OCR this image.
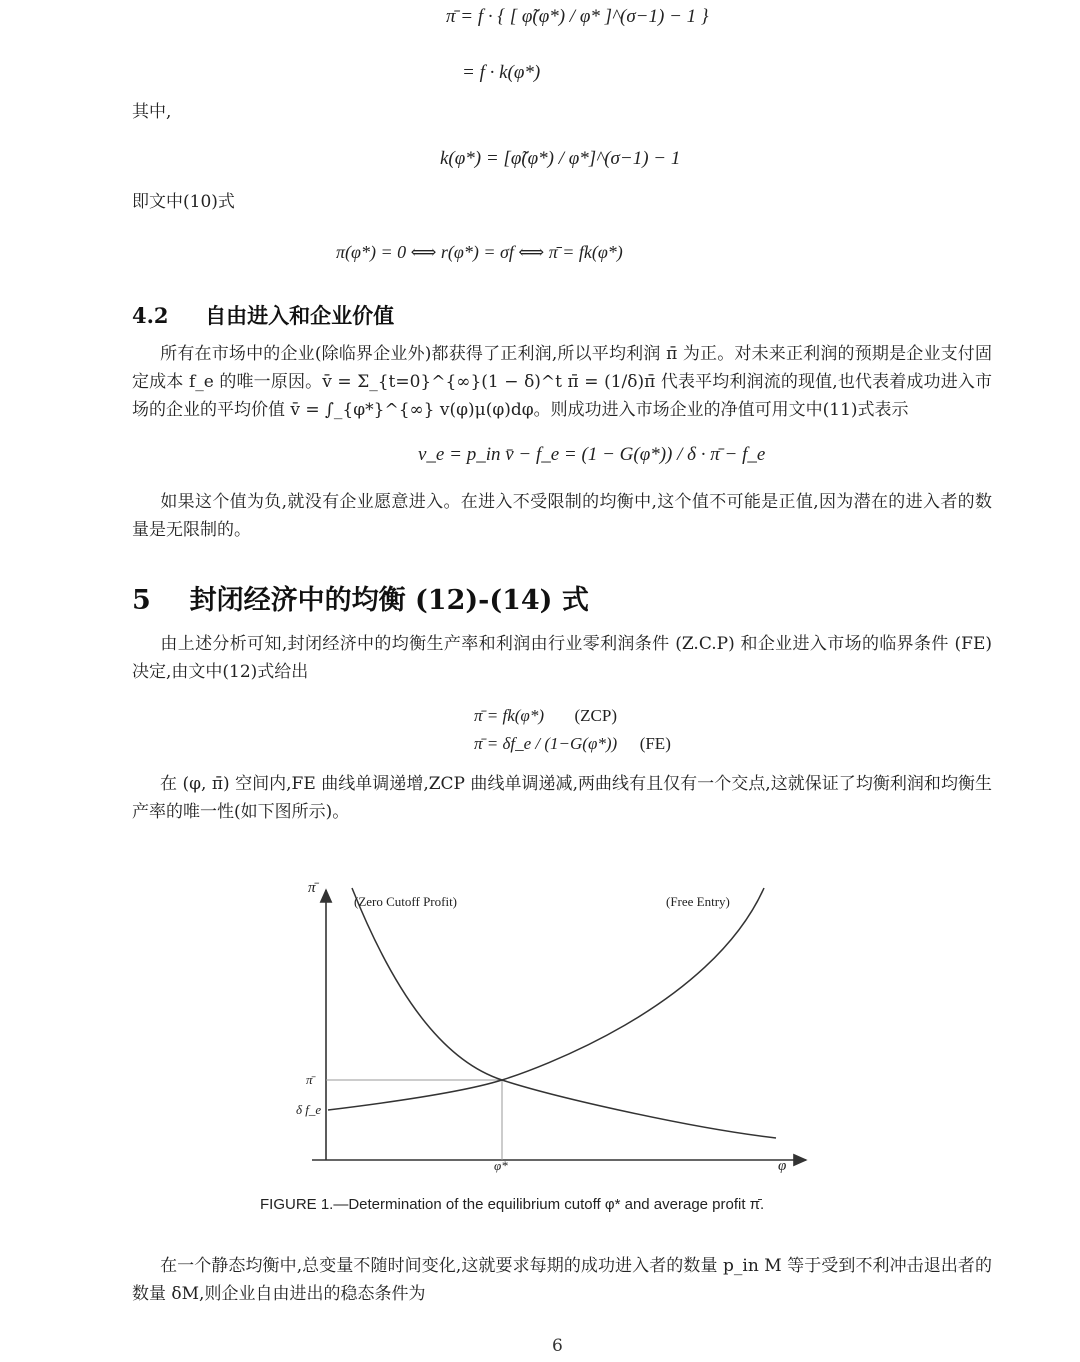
π̄ = f · { [ φ̃(φ*) / φ* ]^(σ−1) − 1 }
= f · k(φ*)
其中,
k(φ*) = [φ̃(φ*) / φ*]^(σ−1) − 1
即文中(10)式
π(φ*) = 0 ⟺ r(φ*) = σf ⟺ π̄ = fk(φ*)
4.2 自由进入和企业价值
所有在市场中的企业(除临界企业外)都获得了正利润,所以平均利润 π̄ 为正。对未来正利润的预期是企业支付固定成本 f_e 的唯一原因。v̄ = Σ_{t=0}^{∞}(1 − δ)^t π̄ = (1/δ)π̄ 代表平均利润流的现值,也代表着成功进入市场的企业的平均价值 v̄ = ∫_{φ*}^{∞} v(φ)μ(φ)dφ。则成功进入市场企业的净值可用文中(11)式表示
v_e = p_in v̄ − f_e = (1 − G(φ*)) / δ · π̄ − f_e
如果这个值为负,就没有企业愿意进入。在进入不受限制的均衡中,这个值不可能是正值,因为潜在的进入者的数量是无限制的。
5 封闭经济中的均衡 (12)-(14) 式
由上述分析可知,封闭经济中的均衡生产率和利润由行业零利润条件 (Z.C.P) 和企业进入市场的临界条件 (FE) 决定,由文中(12)式给出
π̄ = fk(φ*) (ZCP)
π̄ = δf_e / (1−G(φ*)) (FE)
在 (φ, π̄) 空间内,FE 曲线单调递增,ZCP 曲线单调递减,两曲线有且仅有一个交点,这就保证了均衡利润和均衡生产率的唯一性(如下图所示)。
π̄
φ
(Zero Cutoff Profit)	(Free Entry)
π̄
δ f_e
φ*
FIGURE 1.—Determination of the equilibrium cutoff φ* and average profit π̄.
在一个静态均衡中,总变量不随时间变化,这就要求每期的成功进入者的数量 p_in M 等于受到不利冲击退出者的数量 δM,则企业自由进出的稳态条件为
6
